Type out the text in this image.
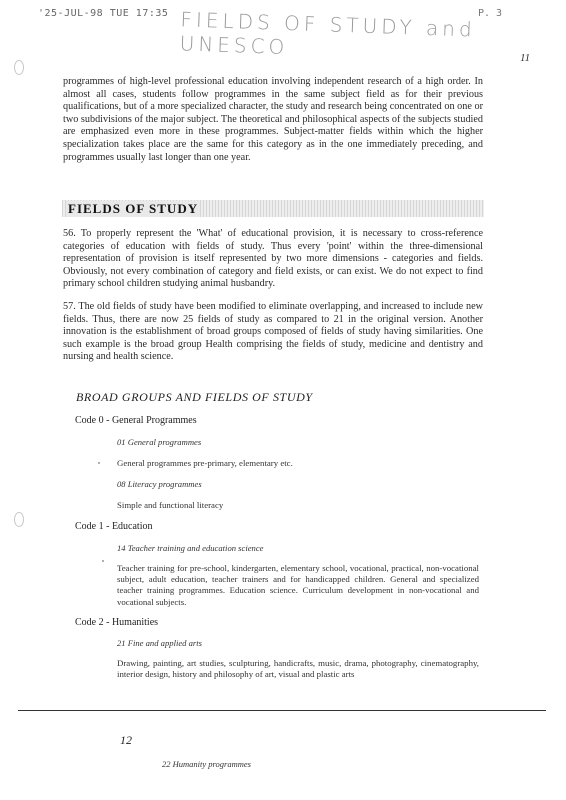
'25-JUL-98 TUE 17:35 FIELDS OF STUDY and UNESCO
P. 3
11
programmes of high-level professional education involving independent research of a high order. In almost all cases, students follow programmes in the same subject field as for their previous qualifications, but of a more specialized character, the study and research being concentrated on one or two subdivisions of the major subject. The theoretical and philosophical aspects of the subjects studied are emphasized even more in these programmes. Subject-matter fields within which the higher specialization takes place are the same for this category as in the one immediately preceding, and programmes usually last longer than one year.
FIELDS OF STUDY
56. To properly represent the 'What' of educational provision, it is necessary to cross-reference categories of education with fields of study. Thus every 'point' within the three-dimensional representation of provision is itself represented by two more dimensions - categories and fields. Obviously, not every combination of category and field exists, or can exist. We do not expect to find primary school children studying animal husbandry.
57. The old fields of study have been modified to eliminate overlapping, and increased to include new fields. Thus, there are now 25 fields of study as compared to 21 in the original version. Another innovation is the establishment of broad groups composed of fields of study having similarities. One such example is the broad group Health comprising the fields of study, medicine and dentistry and nursing and health science.
BROAD GROUPS AND FIELDS OF STUDY
Code 0 - General Programmes
01 General programmes
General programmes pre-primary, elementary etc.
08 Literacy programmes
Simple and functional literacy
Code 1 - Education
14 Teacher training and education science
Teacher training for pre-school, kindergarten, elementary school, vocational, practical, non-vocational subject, adult education, teacher trainers and for handicapped children. General and specialized teacher training programmes. Education science. Curriculum development in non-vocational and vocational subjects.
Code 2 - Humanities
21 Fine and applied arts
Drawing, painting, art studies, sculpturing, handicrafts, music, drama, photography, cinematography, interior design, history and philosophy of art, visual and plastic arts
12
22 Humanity programmes
